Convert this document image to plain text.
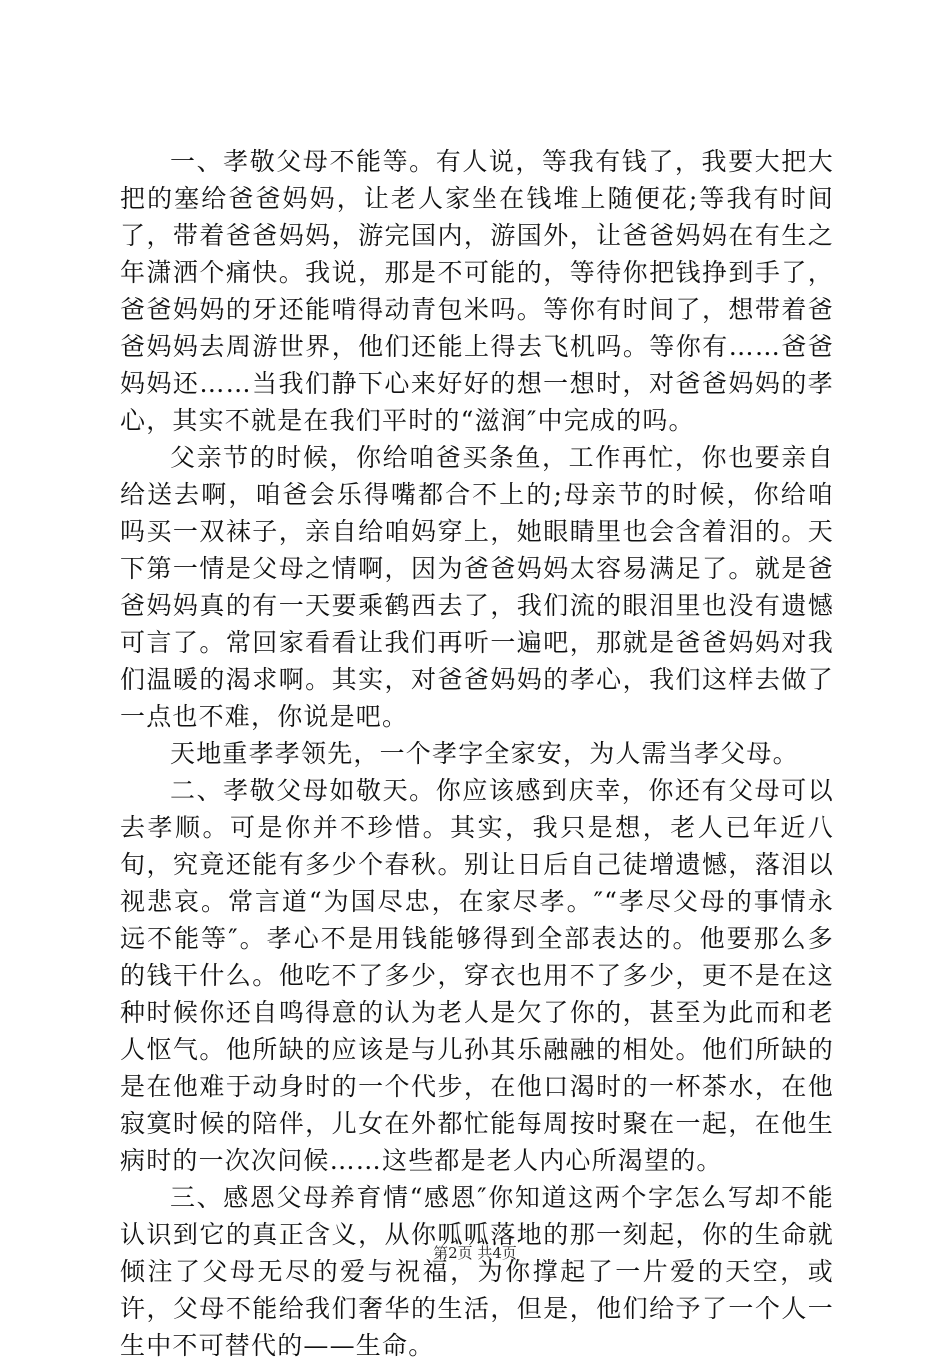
一、孝敬父母不能等。有人说，等我有钱了，我要大把大把的塞给爸爸妈妈，让老人家坐在钱堆上随便花;等我有时间了，带着爸爸妈妈，游完国内，游国外，让爸爸妈妈在有生之年潇洒个痛快。我说，那是不可能的，等待你把钱挣到手了，爸爸妈妈的牙还能啃得动青包米吗。等你有时间了，想带着爸爸妈妈去周游世界，他们还能上得去飞机吗。等你有……爸爸妈妈还……当我们静下心来好好的想一想时，对爸爸妈妈的孝心，其实不就是在我们平时的“滋润″中完成的吗。

父亲节的时候，你给咱爸买条鱼，工作再忙，你也要亲自给送去啊，咱爸会乐得嘴都合不上的;母亲节的时候，你给咱吗买一双袜子，亲自给咱妈穿上，她眼睛里也会含着泪的。天下第一情是父母之情啊，因为爸爸妈妈太容易满足了。就是爸爸妈妈真的有一天要乘鹤西去了，我们流的眼泪里也没有遗憾可言了。常回家看看让我们再听一遍吧，那就是爸爸妈妈对我们温暖的渴求啊。其实，对爸爸妈妈的孝心，我们这样去做了一点也不难，你说是吧。

天地重孝孝领先，一个孝字全家安，为人需当孝父母。

二、孝敬父母如敬天。你应该感到庆幸，你还有父母可以去孝顺。可是你并不珍惜。其实，我只是想，老人已年近八旬，究竟还能有多少个春秋。别让日后自己徒增遗憾，落泪以视悲哀。常言道“为国尽忠，在家尽孝。″“孝尽父母的事情永远不能等″。孝心不是用钱能够得到全部表达的。他要那么多的钱干什么。他吃不了多少，穿衣也用不了多少，更不是在这种时候你还自鸣得意的认为老人是欠了你的，甚至为此而和老人怄气。他所缺的应该是与儿孙其乐融融的相处。他们所缺的是在他难于动身时的一个代步，在他口渴时的一杯茶水，在他寂寞时候的陪伴，儿女在外都忙能每周按时聚在一起，在他生病时的一次次问候……这些都是老人内心所渴望的。

三、感恩父母养育情“感恩″你知道这两个字怎么写却不能认识到它的真正含义，从你呱呱落地的那一刻起，你的生命就倾注了父母无尽的爱与祝福，为你撑起了一片爱的天空，或许，父母不能给我们奢华的生活，但是，他们给予了一个人一生中不可替代的——生命。

第2页 共4页
